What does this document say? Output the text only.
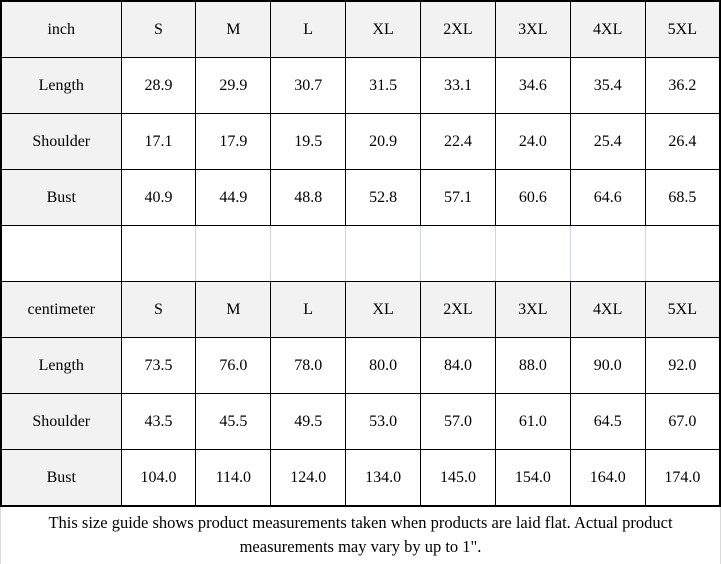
inch	S	M	L	XL	2XL	3XL	4XL	5XL
Length	28.9	29.9	30.7	31.5	33.1	34.6	35.4	36.2
Shoulder	17.1	17.9	19.5	20.9	22.4	24.0	25.4	26.4
Bust	40.9	44.9	48.8	52.8	57.1	60.6	64.6	68.5

centimeter	S	M	L	XL	2XL	3XL	4XL	5XL
Length	73.5	76.0	78.0	80.0	84.0	88.0	90.0	92.0
Shoulder	43.5	45.5	49.5	53.0	57.0	61.0	64.5	67.0
Bust	104.0	114.0	124.0	134.0	145.0	154.0	164.0	174.0
This size guide shows product measurements taken when products are laid flat. Actual product measurements may vary by up to 1".
